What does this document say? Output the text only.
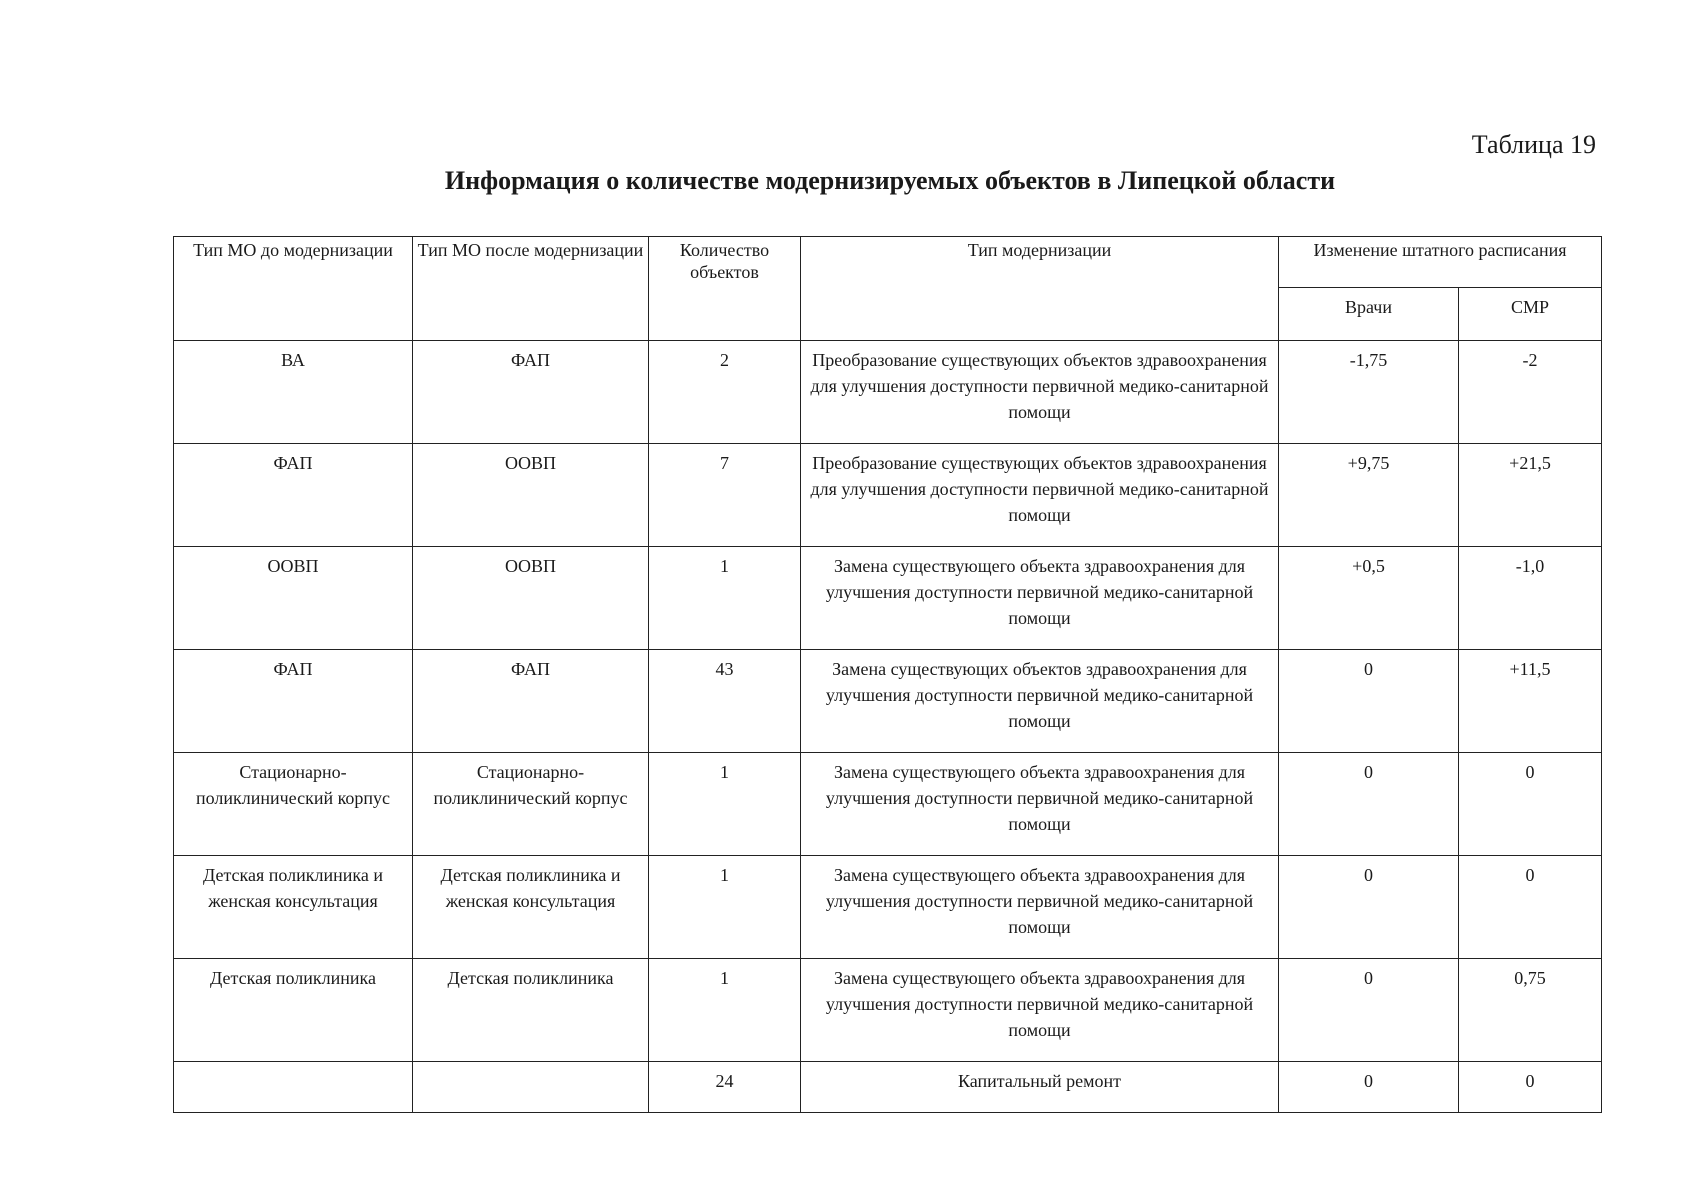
Таблица 19
Информация о количестве модернизируемых объектов в Липецкой области
Тип МО до модернизации	Тип МО после модернизации	Количество объектов	Тип модернизации	Изменение штатного расписания	
				Врачи	СМР
ВА	ФАП	2	Преобразование существующих объектов здравоохранения для улучшения доступности первичной медико-санитарной помощи	-1,75	-2
ФАП	ООВП	7	Преобразование существующих объектов здравоохранения для улучшения доступности первичной медико-санитарной помощи	+9,75	+21,5
ООВП	ООВП	1	Замена существующего объекта здравоохранения для улучшения доступности первичной медико-санитарной помощи	+0,5	-1,0
ФАП	ФАП	43	Замена существующих объектов здравоохранения для улучшения доступности первичной медико-санитарной помощи	0	+11,5
Стационарно-поликлинический корпус	Стационарно-поликлинический корпус	1	Замена существующего объекта здравоохранения для улучшения доступности первичной медико-санитарной помощи	0	0
Детская поликлиника и женская консультация	Детская поликлиника и женская консультация	1	Замена существующего объекта здравоохранения для улучшения доступности первичной медико-санитарной помощи	0	0
Детская поликлиника	Детская поликлиника	1	Замена существующего объекта здравоохранения для улучшения доступности первичной медико-санитарной помощи	0	0,75
		24	Капитальный ремонт	0	0
